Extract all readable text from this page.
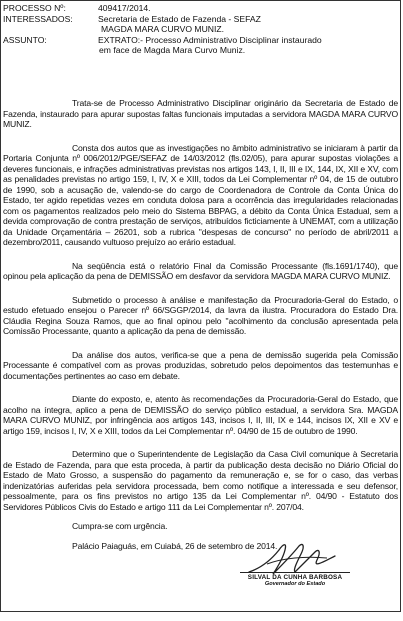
PROCESSO Nº:	409417/2014.
INTERESSADOS:	Secretaria de Estado de Fazenda - SEFAZ
MAGDA MARA CURVO MUNIZ.
ASSUNTO:	EXTRATO:- Processo Administrativo Disciplinar instaurado
em face de Magda Mara Curvo Muniz.

Trata-se de Processo Administrativo Disciplinar originário da Secretaria de Estado de Fazenda, instaurado para apurar supostas faltas funcionais imputadas a servidora MAGDA MARA CURVO MUNIZ.

Consta dos autos que as investigações no âmbito administrativo se iniciaram à partir da Portaria Conjunta nº 006/2012/PGE/SEFAZ de 14/03/2012 (fls.02/05), para apurar supostas violações a deveres funcionais, e infrações administrativas previstas nos artigos 143, I, II, III e IX, 144, IX, XII e XV, com as penalidades previstas no artigo 159, I, IV, X e XIII, todos da Lei Complementar nº 04, de 15 de outubro de 1990, sob a acusação de, valendo-se do cargo de Coordenadora de Controle da Conta Única do Estado, ter agido repetidas vezes em conduta dolosa para a ocorrência das irregularidades relacionadas com os pagamentos realizados pelo meio do Sistema BBPAG, a débito da Conta Única Estadual, sem a devida comprovação de contra prestação de serviços, atribuídos ficticiamente à UNEMAT, com a utilização da Unidade Orçamentária – 26201, sob a rubrica "despesas de concurso" no período de abril/2011 a dezembro/2011, causando vultuoso prejuízo ao erário estadual.

Na seqüência está o relatório Final da Comissão Processante (fls.1691/1740), que opinou pela aplicação da pena de DEMISSÃO em desfavor da servidora MAGDA MARA CURVO MUNIZ.

Submetido o processo à análise e manifestação da Procuradoria-Geral do Estado, o estudo efetuado ensejou o Parecer nº 66/SGGP/2014, da lavra da ilustra. Procuradora do Estado Dra. Cláudia Regina Souza Ramos, que ao final opinou pelo "acolhimento da conclusão apresentada pela Comissão Processante, quanto a aplicação da pena de demissão.

Da análise dos autos, verifica-se que a pena de demissão sugerida pela Comissão Processante é compatível com as provas produzidas, sobretudo pelos depoimentos das testemunhas e documentações pertinentes ao caso em debate.

Diante do exposto, e, atento às recomendações da Procuradoria-Geral do Estado, que acolho na íntegra, aplico a pena de DEMISSÃO do serviço público estadual, a servidora Sra. MAGDA MARA CURVO MUNIZ, por infringência aos artigos 143, incisos I, II, III, IX e 144, incisos IX, XII e XV e artigo 159, incisos I, IV, X e XIII, todos da Lei Complementar nº. 04/90 de 15 de outubro de 1990.

Determino que o Superintendente de Legislação da Casa Civil comunique à Secretaria de Estado de Fazenda, para que esta proceda, à partir da publicação desta decisão no Diário Oficial do Estado de Mato Grosso, a suspensão do pagamento da remuneração e, se for o caso, das verbas indenizatórias auferidas pela servidora processada, bem como notifique a interessada e seu defensor, pessoalmente, para os fins previstos no artigo 135 da Lei Complementar nº. 04/90 - Estatuto dos Servidores Públicos Civis do Estado e artigo 111 da Lei Complementar nº. 207/04.

Cumpra-se com urgência.

Palácio Paiaguás, em Cuiabá, 26 de setembro de 2014.

SILVAL DA CUNHA BARBOSA
Governador do Estado
